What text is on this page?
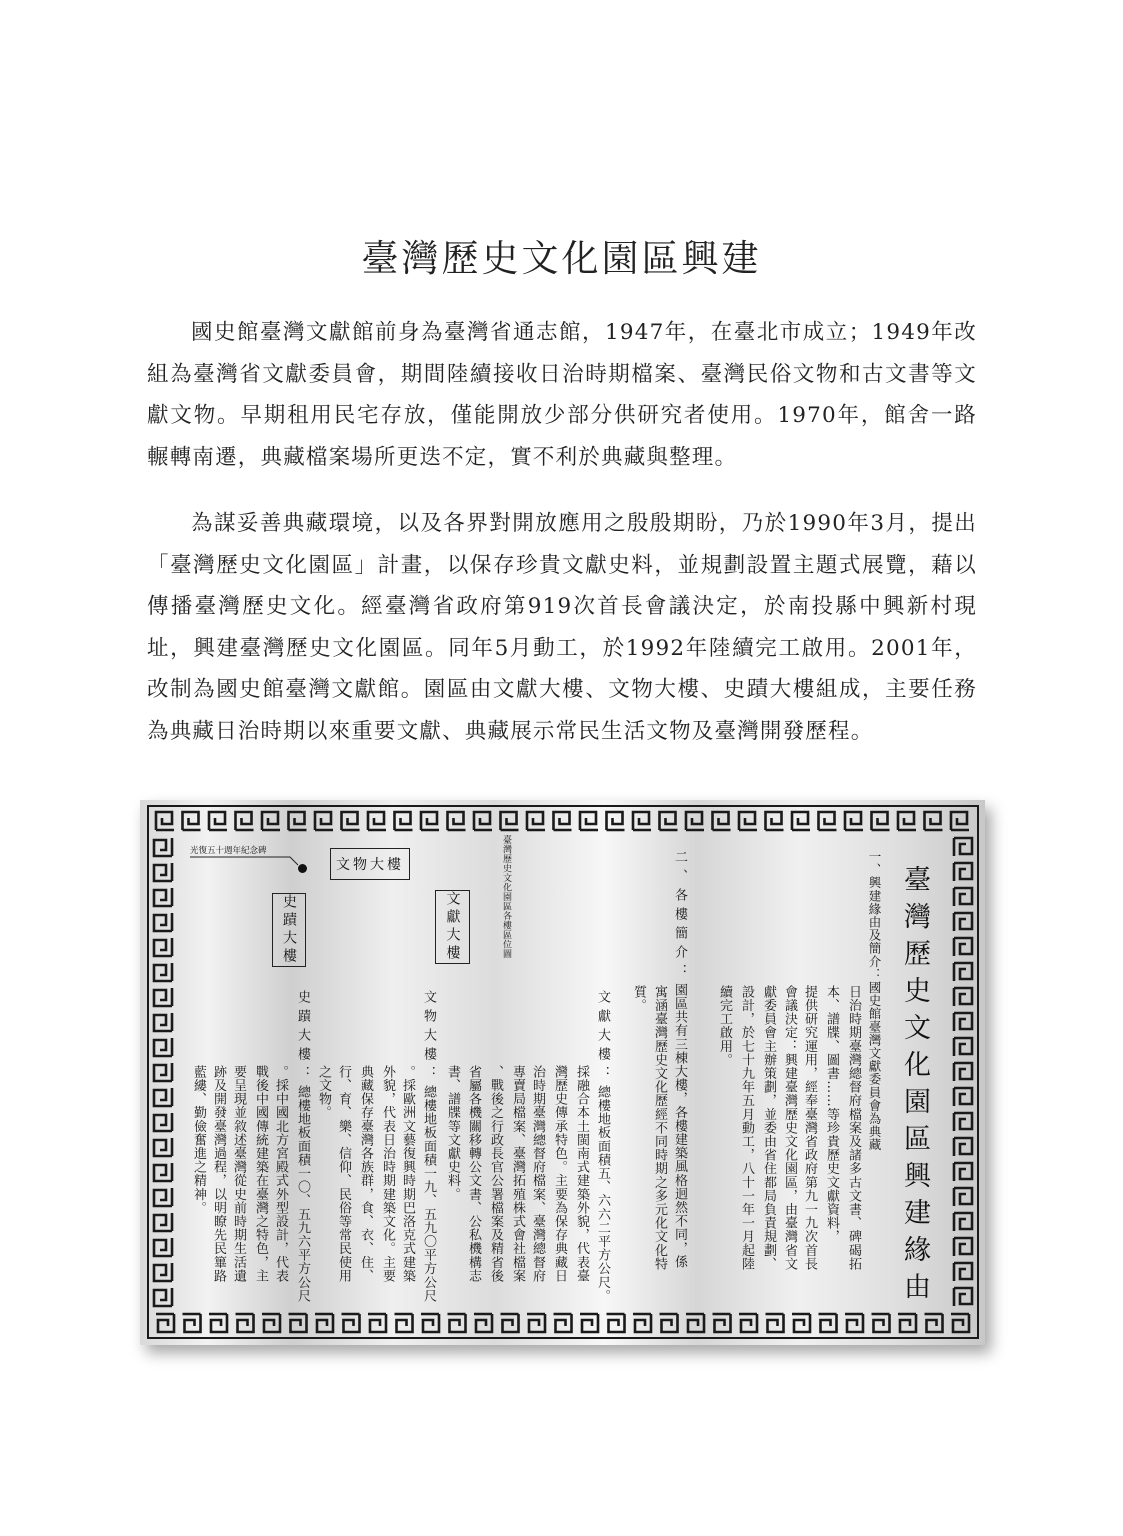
臺灣歷史文化園區興建

國史館臺灣文獻館前身為臺灣省通志館，1947年，在臺北市成立；1949年改組為臺灣省文獻委員會，期間陸續接收日治時期檔案、臺灣民俗文物和古文書等文獻文物。早期租用民宅存放，僅能開放少部分供研究者使用。1970年，館舍一路輾轉南遷，典藏檔案場所更迭不定，實不利於典藏與整理。

為謀妥善典藏環境，以及各界對開放應用之殷殷期盼，乃於1990年3月，提出「臺灣歷史文化園區」計畫，以保存珍貴文獻史料，並規劃設置主題式展覽，藉以傳播臺灣歷史文化。經臺灣省政府第919次首長會議決定，於南投縣中興新村現址，興建臺灣歷史文化園區。同年5月動工，於1992年陸續完工啟用。2001年，改制為國史館臺灣文獻館。園區由文獻大樓、文物大樓、史蹟大樓組成，主要任務為典藏日治時期以來重要文獻、典藏展示常民生活文物及臺灣開發歷程。

臺灣歷史文化園區興建緣由
一、興建緣由及簡介：國史館臺灣文獻委員會為典藏
日治時期臺灣總督府檔案及諸多古文書、碑碣拓
本、譜牒、圖書……等珍貴歷史文獻資料，
提供研究運用，經奉臺灣省政府第九一九次首長
會議決定：興建臺灣歷史文化園區，由臺灣省文
獻委員會主辦策劃，並委由省住都局負責規劃、
設計，於七十九年五月動工，八十一年一月起陸
續完工啟用。
二、各樓簡介：園區共有三棟大樓，各樓建築風格迥然不同，係
寓涵臺灣歷史文化歷經不同時期之多元化文化特
質。
文獻大樓：總樓地板面積五、六六二平方公尺。
採融合本土閩南式建築外貌，代表臺
灣歷史傳承特色。主要為保存典藏日
治時期臺灣總督府檔案、臺灣總督府
專賣局檔案、臺灣拓殖株式會社檔案
、戰後之行政長官公署檔案及精省後
省屬各機關移轉公文書、公私機構志
書、譜牒等文獻史料。
文物大樓：總樓地板面積一九、五九〇平方公尺
。採歐洲文藝復興時期巴洛克式建築
外貌，代表日治時期建築文化。主要
典藏保存臺灣各族群，食、衣、住、
行、育、樂、信仰、民俗等常民使用
之文物。
史蹟大樓：總樓地板面積一〇、五九六平方公尺
。採中國北方宮殿式外型設計，代表
戰後中國傳統建築在臺灣之特色，主
要呈現並敘述臺灣從史前時期生活遺
跡及開發臺灣過程，以明瞭先民篳路
藍縷、勤儉奮進之精神。
臺灣歷史文化園區各樓區位圖
光復五十週年紀念碑
文物大樓
史蹟大樓	文獻大樓
